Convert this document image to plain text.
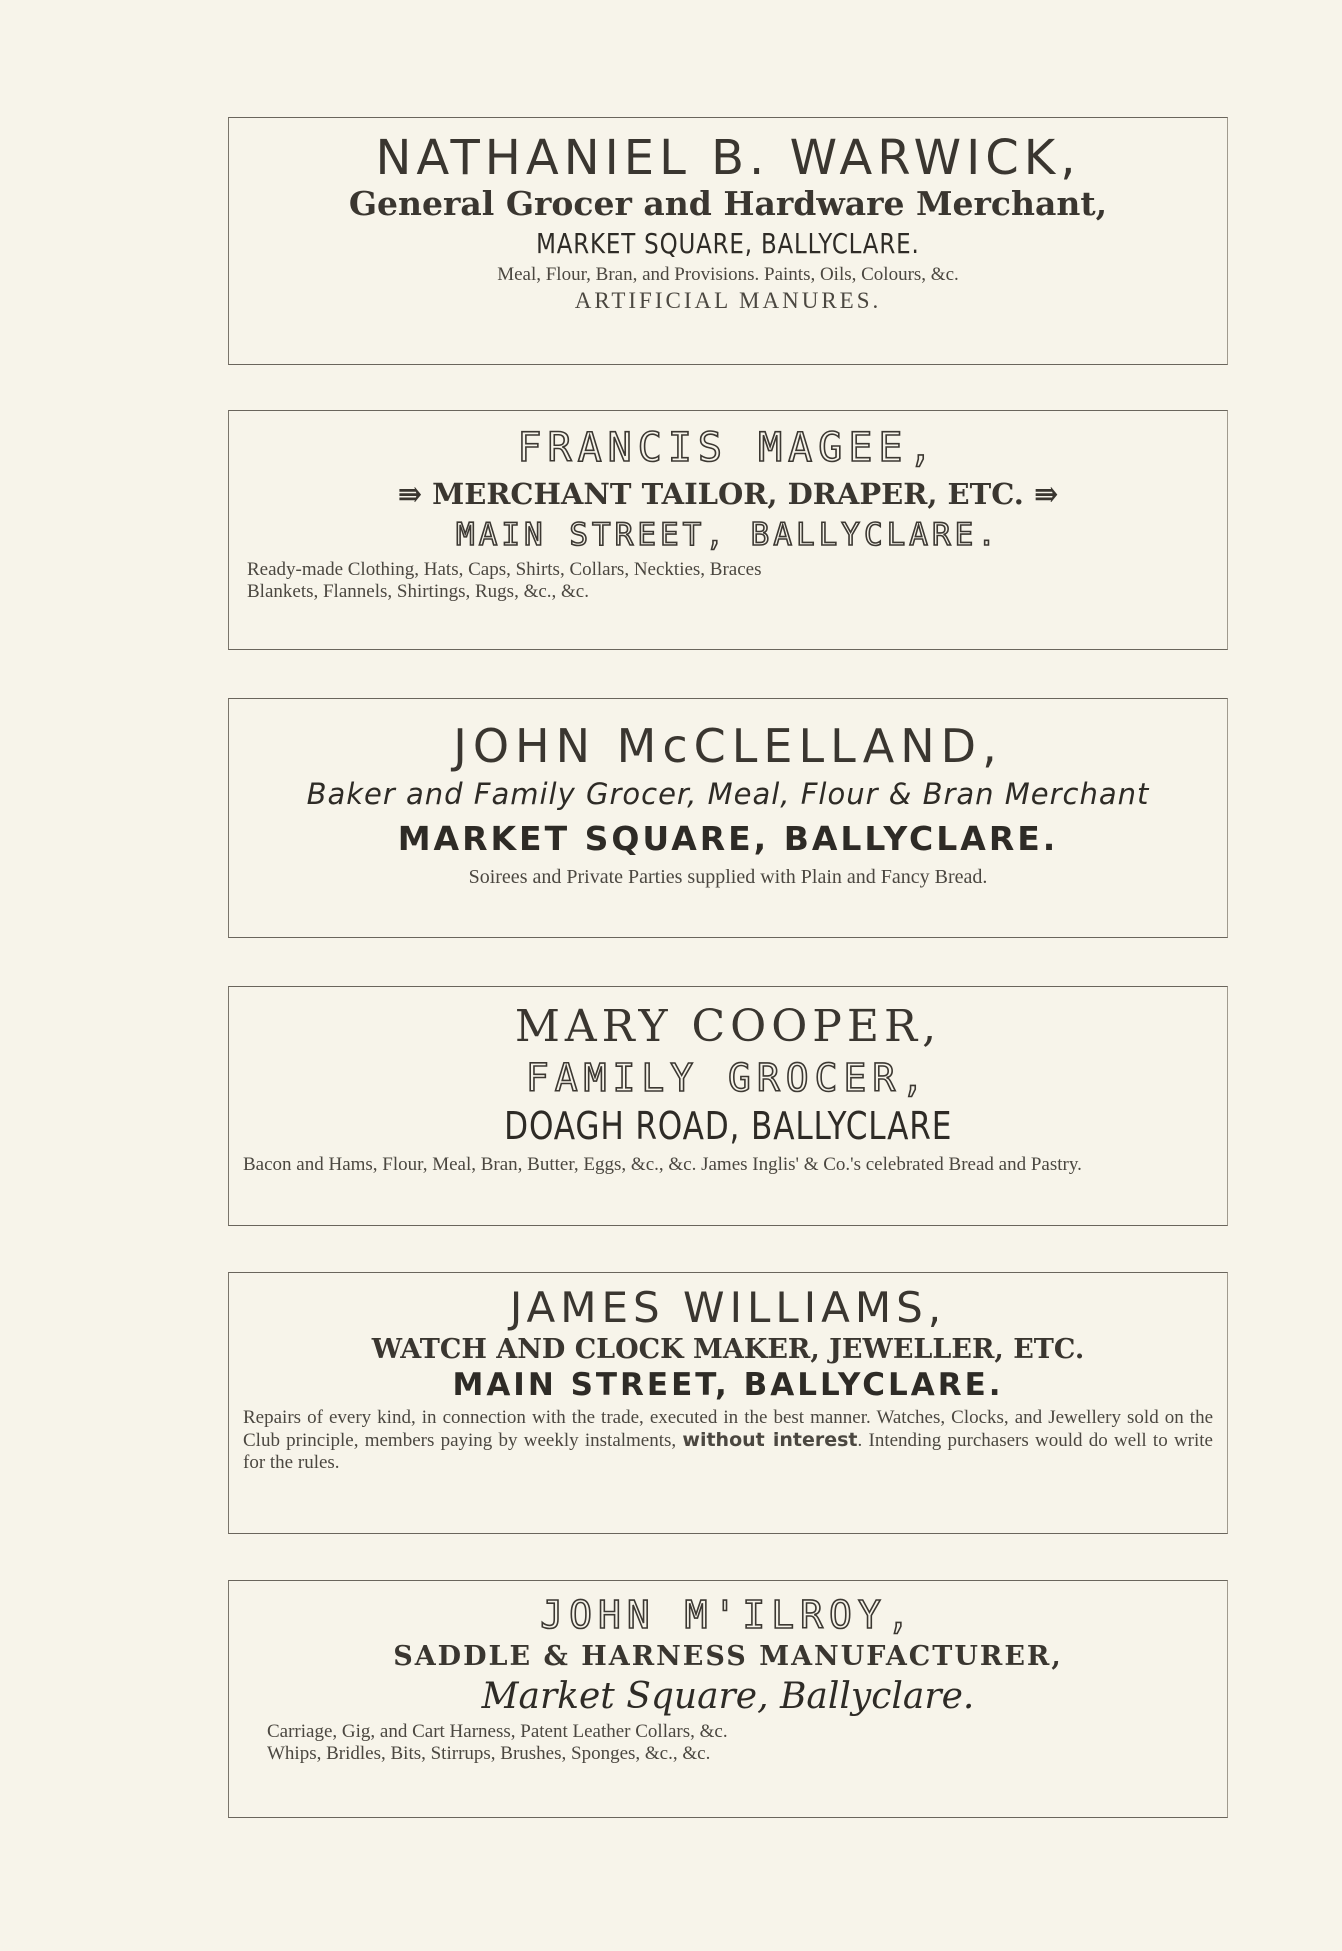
NATHANIEL B. WARWICK,
General Grocer and Hardware Merchant,
MARKET SQUARE, BALLYCLARE.
Meal, Flour, Bran, and Provisions. Paints, Oils, Colours, &c.
ARTIFICIAL MANURES.
FRANCIS MAGEE,
⇛ MERCHANT TAILOR, DRAPER, ETC. ⇛
MAIN STREET, BALLYCLARE.
Ready-made Clothing, Hats, Caps, Shirts, Collars, Neckties, Braces
Blankets, Flannels, Shirtings, Rugs, &c., &c.
JOHN McCLELLAND,
Baker and Family Grocer, Meal, Flour & Bran Merchant
MARKET SQUARE, BALLYCLARE.
Soirees and Private Parties supplied with Plain and Fancy Bread.
MARY COOPER,
FAMILY GROCER,
DOAGH ROAD, BALLYCLARE
Bacon and Hams, Flour, Meal, Bran, Butter, Eggs, &c., &c. James Inglis' & Co.'s celebrated Bread and Pastry.
JAMES WILLIAMS,
WATCH AND CLOCK MAKER, JEWELLER, ETC.
MAIN STREET, BALLYCLARE.
Repairs of every kind, in connection with the trade, executed in the best manner. Watches, Clocks, and Jewellery sold on the Club principle, members paying by weekly instalments, without interest. Intending purchasers would do well to write for the rules.
JOHN M'ILROY,
SADDLE & HARNESS MANUFACTURER,
Market Square, Ballyclare.
Carriage, Gig, and Cart Harness, Patent Leather Collars, &c.
Whips, Bridles, Bits, Stirrups, Brushes, Sponges, &c., &c.
